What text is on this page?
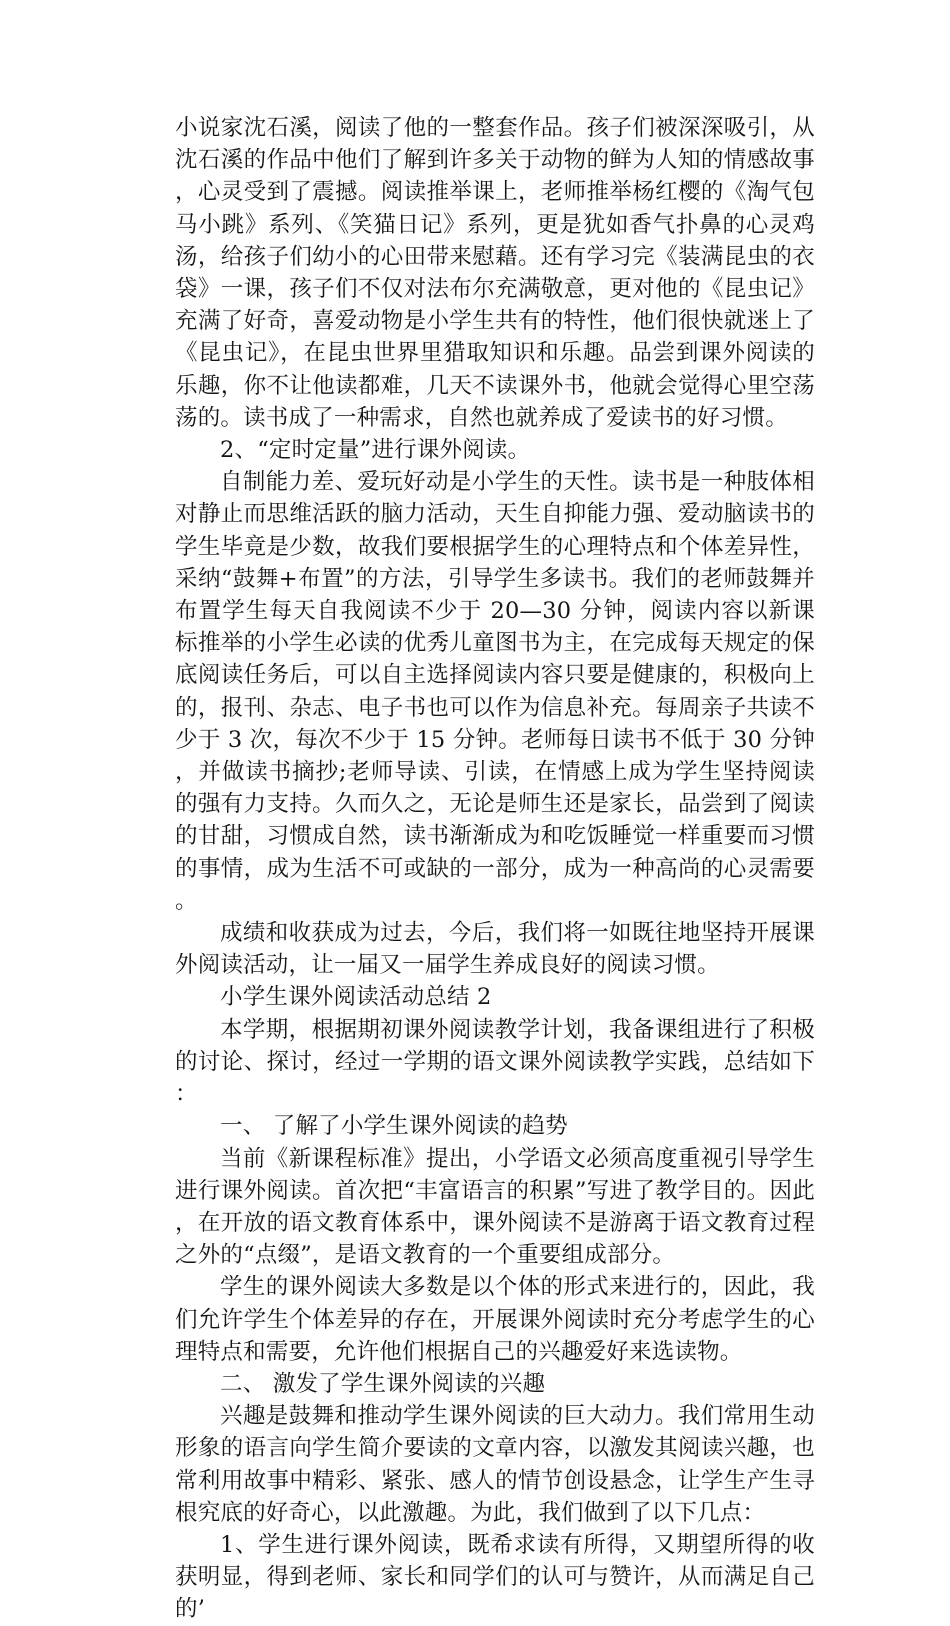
小说家沈石溪，阅读了他的一整套作品。孩子们被深深吸引，从沈石溪的作品中他们了解到许多关于动物的鲜为人知的情感故事，心灵受到了震撼。阅读推举课上，老师推举杨红樱的《淘气包马小跳》系列、《笑猫日记》系列，更是犹如香气扑鼻的心灵鸡汤，给孩子们幼小的心田带来慰藉。还有学习完《装满昆虫的衣袋》一课，孩子们不仅对法布尔充满敬意，更对他的《昆虫记》充满了好奇，喜爱动物是小学生共有的特性，他们很快就迷上了《昆虫记》，在昆虫世界里猎取知识和乐趣。品尝到课外阅读的乐趣，你不让他读都难，几天不读课外书，他就会觉得心里空荡荡的。读书成了一种需求，自然也就养成了爱读书的好习惯。

2、“定时定量”进行课外阅读。

自制能力差、爱玩好动是小学生的天性。读书是一种肢体相对静止而思维活跃的脑力活动，天生自抑能力强、爱动脑读书的学生毕竟是少数，故我们要根据学生的心理特点和个体差异性，采纳“鼓舞+布置”的方法，引导学生多读书。我们的老师鼓舞并布置学生每天自我阅读不少于 20—30 分钟，阅读内容以新课标推举的小学生必读的优秀儿童图书为主，在完成每天规定的保底阅读任务后，可以自主选择阅读内容只要是健康的，积极向上的，报刊、杂志、电子书也可以作为信息补充。每周亲子共读不少于 3 次，每次不少于 15 分钟。老师每日读书不低于 30 分钟，并做读书摘抄;老师导读、引读，在情感上成为学生坚持阅读的强有力支持。久而久之，无论是师生还是家长，品尝到了阅读的甘甜，习惯成自然，读书渐渐成为和吃饭睡觉一样重要而习惯的事情，成为生活不可或缺的一部分，成为一种高尚的心灵需要。

成绩和收获成为过去，今后，我们将一如既往地坚持开展课外阅读活动，让一届又一届学生养成良好的阅读习惯。

小学生课外阅读活动总结 2

本学期，根据期初课外阅读教学计划，我备课组进行了积极的讨论、探讨，经过一学期的语文课外阅读教学实践，总结如下：

一、 了解了小学生课外阅读的趋势

当前《新课程标准》提出，小学语文必须高度重视引导学生进行课外阅读。首次把“丰富语言的积累”写进了教学目的。因此，在开放的语文教育体系中，课外阅读不是游离于语文教育过程之外的“点缀”，是语文教育的一个重要组成部分。

学生的课外阅读大多数是以个体的形式来进行的，因此，我们允许学生个体差异的存在，开展课外阅读时充分考虑学生的心理特点和需要，允许他们根据自己的兴趣爱好来选读物。

二、 激发了学生课外阅读的兴趣

兴趣是鼓舞和推动学生课外阅读的巨大动力。我们常用生动形象的语言向学生简介要读的文章内容，以激发其阅读兴趣，也常利用故事中精彩、紧张、感人的情节创设悬念，让学生产生寻根究底的好奇心，以此激趣。为此，我们做到了以下几点：

1、学生进行课外阅读，既希求读有所得，又期望所得的收获明显，得到老师、家长和同学们的认可与赞许，从而满足自己的’
